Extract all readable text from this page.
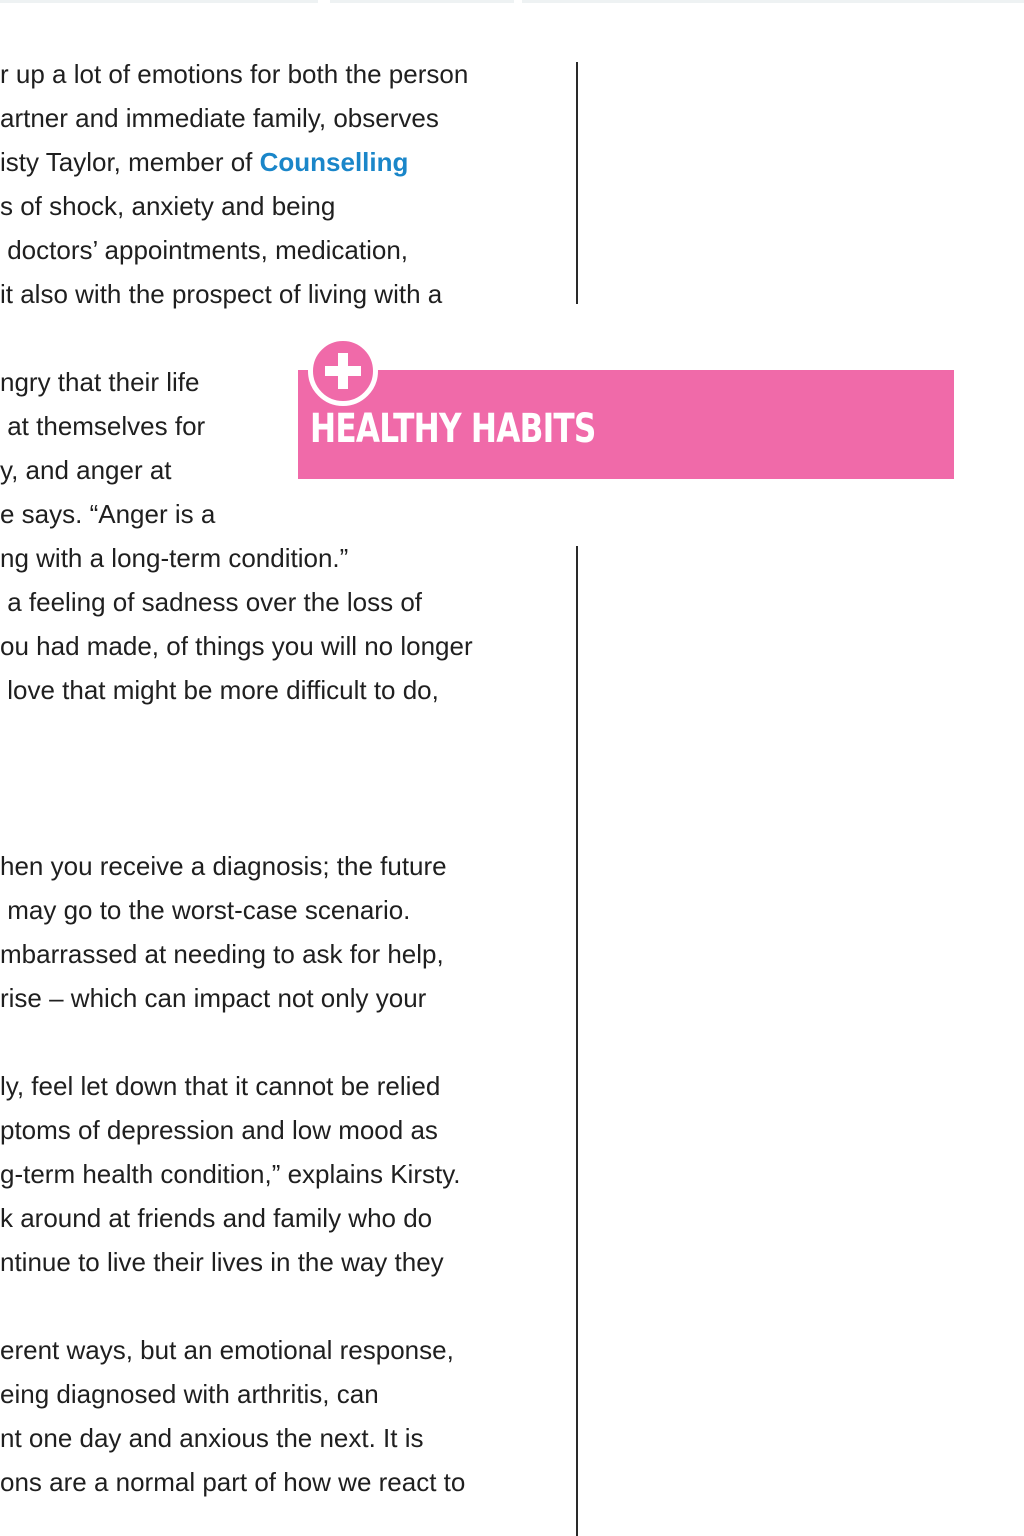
r up a lot of emotions for both the person
artner and immediate family, observes
isty Taylor, member of Counselling
s of shock, anxiety and being
doctors’ appointments, medication,
it also with the prospect of living with a
ngry that their life
at themselves for
y, and anger at
e says. “Anger is a
ng with a long-term condition.”
a feeling of sadness over the loss of
ou had made, of things you will no longer
love that might be more difficult to do,
hen you receive a diagnosis; the future
may go to the worst-case scenario.
mbarrassed at needing to ask for help,
rise – which can impact not only your
ly, feel let down that it cannot be relied
ptoms of depression and low mood as
g-term health condition,” explains Kirsty.
k around at friends and family who do
ntinue to live their lives in the way they
erent ways, but an emotional response,
eing diagnosed with arthritis, can
nt one day and anxious the next. It is
ons are a normal part of how we react to
HEALTHY HABITS
